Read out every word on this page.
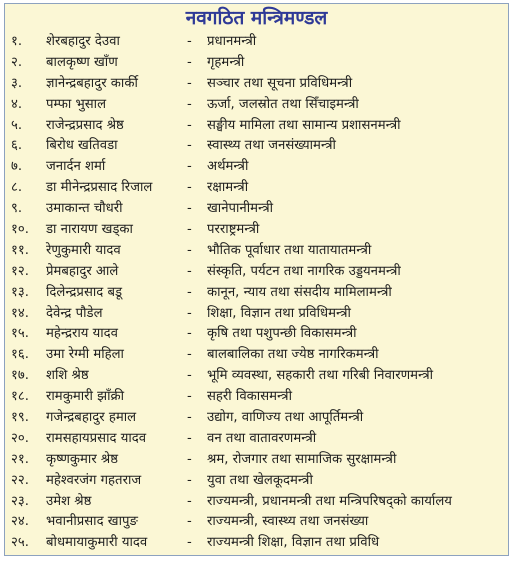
नवगठित मन्त्रिमण्डल
१.	शेरबहादुर देउवा	-	प्रधानमन्त्री
२.	बालकृष्ण खाँण	-	गृहमन्त्री
३.	ज्ञानेन्द्रबहादुर कार्की	-	सञ्चार तथा सूचना प्रविधिमन्त्री
४.	पम्फा भुसाल	-	ऊर्जा, जलस्रोत तथा सिँचाइमन्त्री
५.	राजेन्द्रप्रसाद श्रेष्ठ	-	सङ्घीय मामिला तथा सामान्य प्रशासनमन्त्री
६.	बिरोध खतिवडा	-	स्वास्थ्य तथा जनसंख्यामन्त्री
७.	जनार्दन शर्मा	-	अर्थमन्त्री
८.	डा मीनेन्द्रप्रसाद रिजाल	-	रक्षामन्त्री
९.	उमाकान्त चौधरी	-	खानेपानीमन्त्री
१०.	डा नारायण खड्का	-	परराष्ट्रमन्त्री
११.	रेणुकुमारी यादव	-	भौतिक पूर्वाधार तथा यातायातमन्त्री
१२.	प्रेमबहादुर आले	-	संस्कृति, पर्यटन तथा नागरिक उड्डयनमन्त्री
१३.	दिलेन्द्रप्रसाद बडू	-	कानून, न्याय तथा संसदीय मामिलामन्त्री
१४.	देवेन्द्र पौडेल	-	शिक्षा, विज्ञान तथा प्रविधिमन्त्री
१५.	महेन्द्रराय यादव	-	कृषि तथा पशुपन्छी विकासमन्त्री
१६.	उमा रेग्मी महिला	-	बालबालिका तथा ज्येष्ठ नागरिकमन्त्री
१७.	शशि श्रेष्ठ	-	भूमि व्यवस्था, सहकारी तथा गरिबी निवारणमन्त्री
१८.	रामकुमारी झाँक्री	-	सहरी विकासमन्त्री
१९.	गजेन्द्रबहादुर हमाल	-	उद्योग, वाणिज्य तथा आपूर्तिमन्त्री
२०.	रामसहायप्रसाद यादव	-	वन तथा वातावरणमन्त्री
२१.	कृष्णकुमार श्रेष्ठ	-	श्रम, रोजगार तथा सामाजिक सुरक्षामन्त्री
२२.	महेश्वरजंग गहतराज	-	युवा तथा खेलकूदमन्त्री
२३.	उमेश श्रेष्ठ	-	राज्यमन्त्री, प्रधानमन्त्री तथा मन्त्रिपरिषद्को कार्यालय
२४.	भवानीप्रसाद खापुङ	-	राज्यमन्त्री, स्वास्थ्य तथा जनसंख्या
२५.	बोधमायाकुमारी यादव	-	राज्यमन्त्री शिक्षा, विज्ञान तथा प्रविधि
